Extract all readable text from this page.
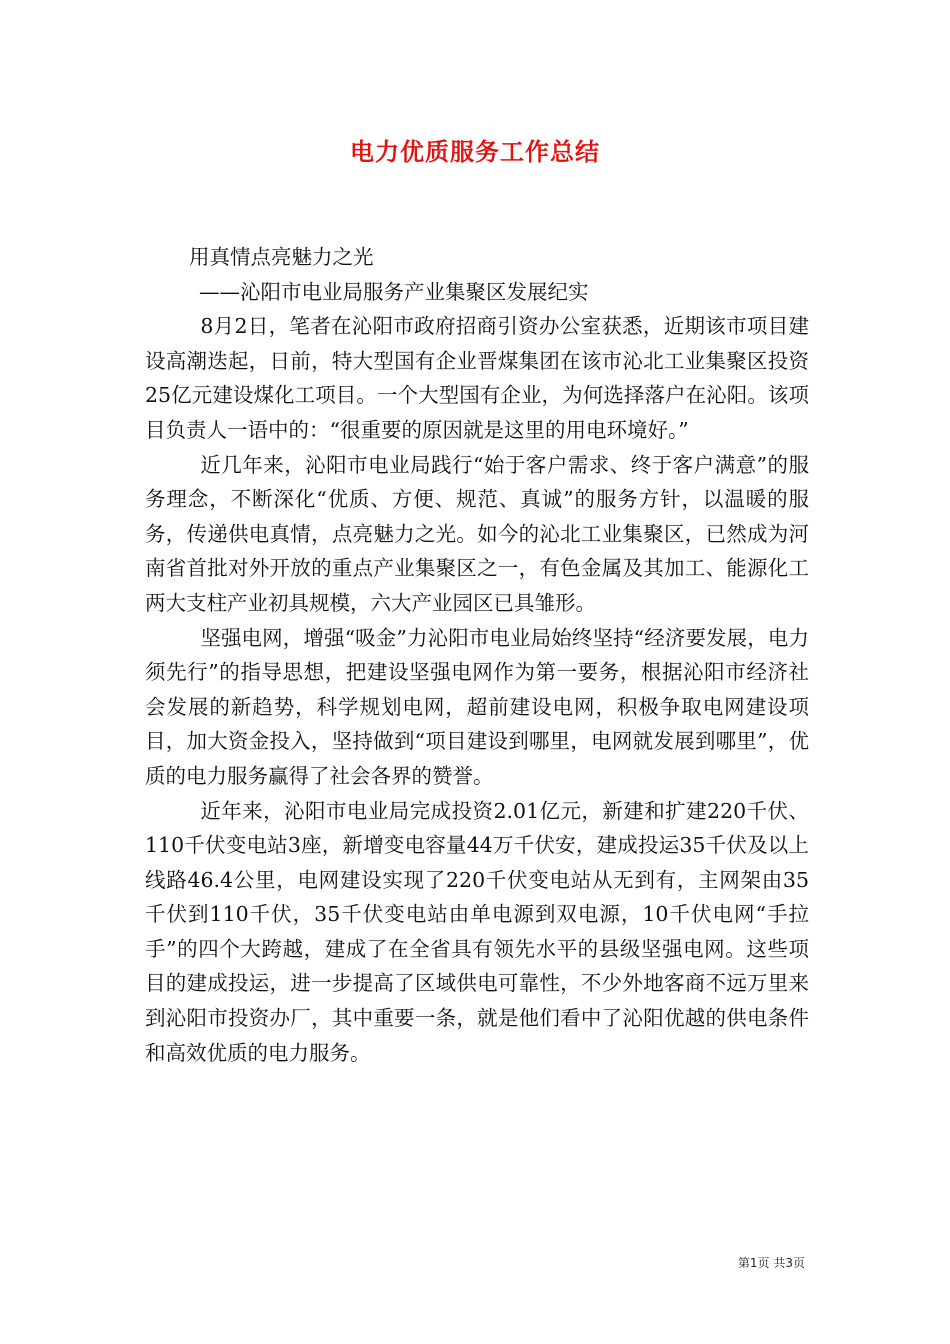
电力优质服务工作总结

用真情点亮魅力之光

——沁阳市电业局服务产业集聚区发展纪实

8月2日，笔者在沁阳市政府招商引资办公室获悉，近期该市项目建设高潮迭起，日前，特大型国有企业晋煤集团在该市沁北工业集聚区投资25亿元建设煤化工项目。一个大型国有企业，为何选择落户在沁阳。该项目负责人一语中的：“很重要的原因就是这里的用电环境好。”

近几年来，沁阳市电业局践行“始于客户需求、终于客户满意”的服务理念，不断深化“优质、方便、规范、真诚”的服务方针，以温暖的服务，传递供电真情，点亮魅力之光。如今的沁北工业集聚区，已然成为河南省首批对外开放的重点产业集聚区之一，有色金属及其加工、能源化工两大支柱产业初具规模，六大产业园区已具雏形。

坚强电网，增强“吸金”力沁阳市电业局始终坚持“经济要发展，电力须先行”的指导思想，把建设坚强电网作为第一要务，根据沁阳市经济社会发展的新趋势，科学规划电网，超前建设电网，积极争取电网建设项目，加大资金投入，坚持做到“项目建设到哪里，电网就发展到哪里”，优质的电力服务赢得了社会各界的赞誉。

近年来，沁阳市电业局完成投资2.01亿元，新建和扩建220千伏、110千伏变电站3座，新增变电容量44万千伏安，建成投运35千伏及以上线路46.4公里，电网建设实现了220千伏变电站从无到有，主网架由35千伏到110千伏，35千伏变电站由单电源到双电源，10千伏电网“手拉手”的四个大跨越，建成了在全省具有领先水平的县级坚强电网。这些项目的建成投运，进一步提高了区域供电可靠性，不少外地客商不远万里来到沁阳市投资办厂，其中重要一条，就是他们看中了沁阳优越的供电条件和高效优质的电力服务。

第1页 共3页
